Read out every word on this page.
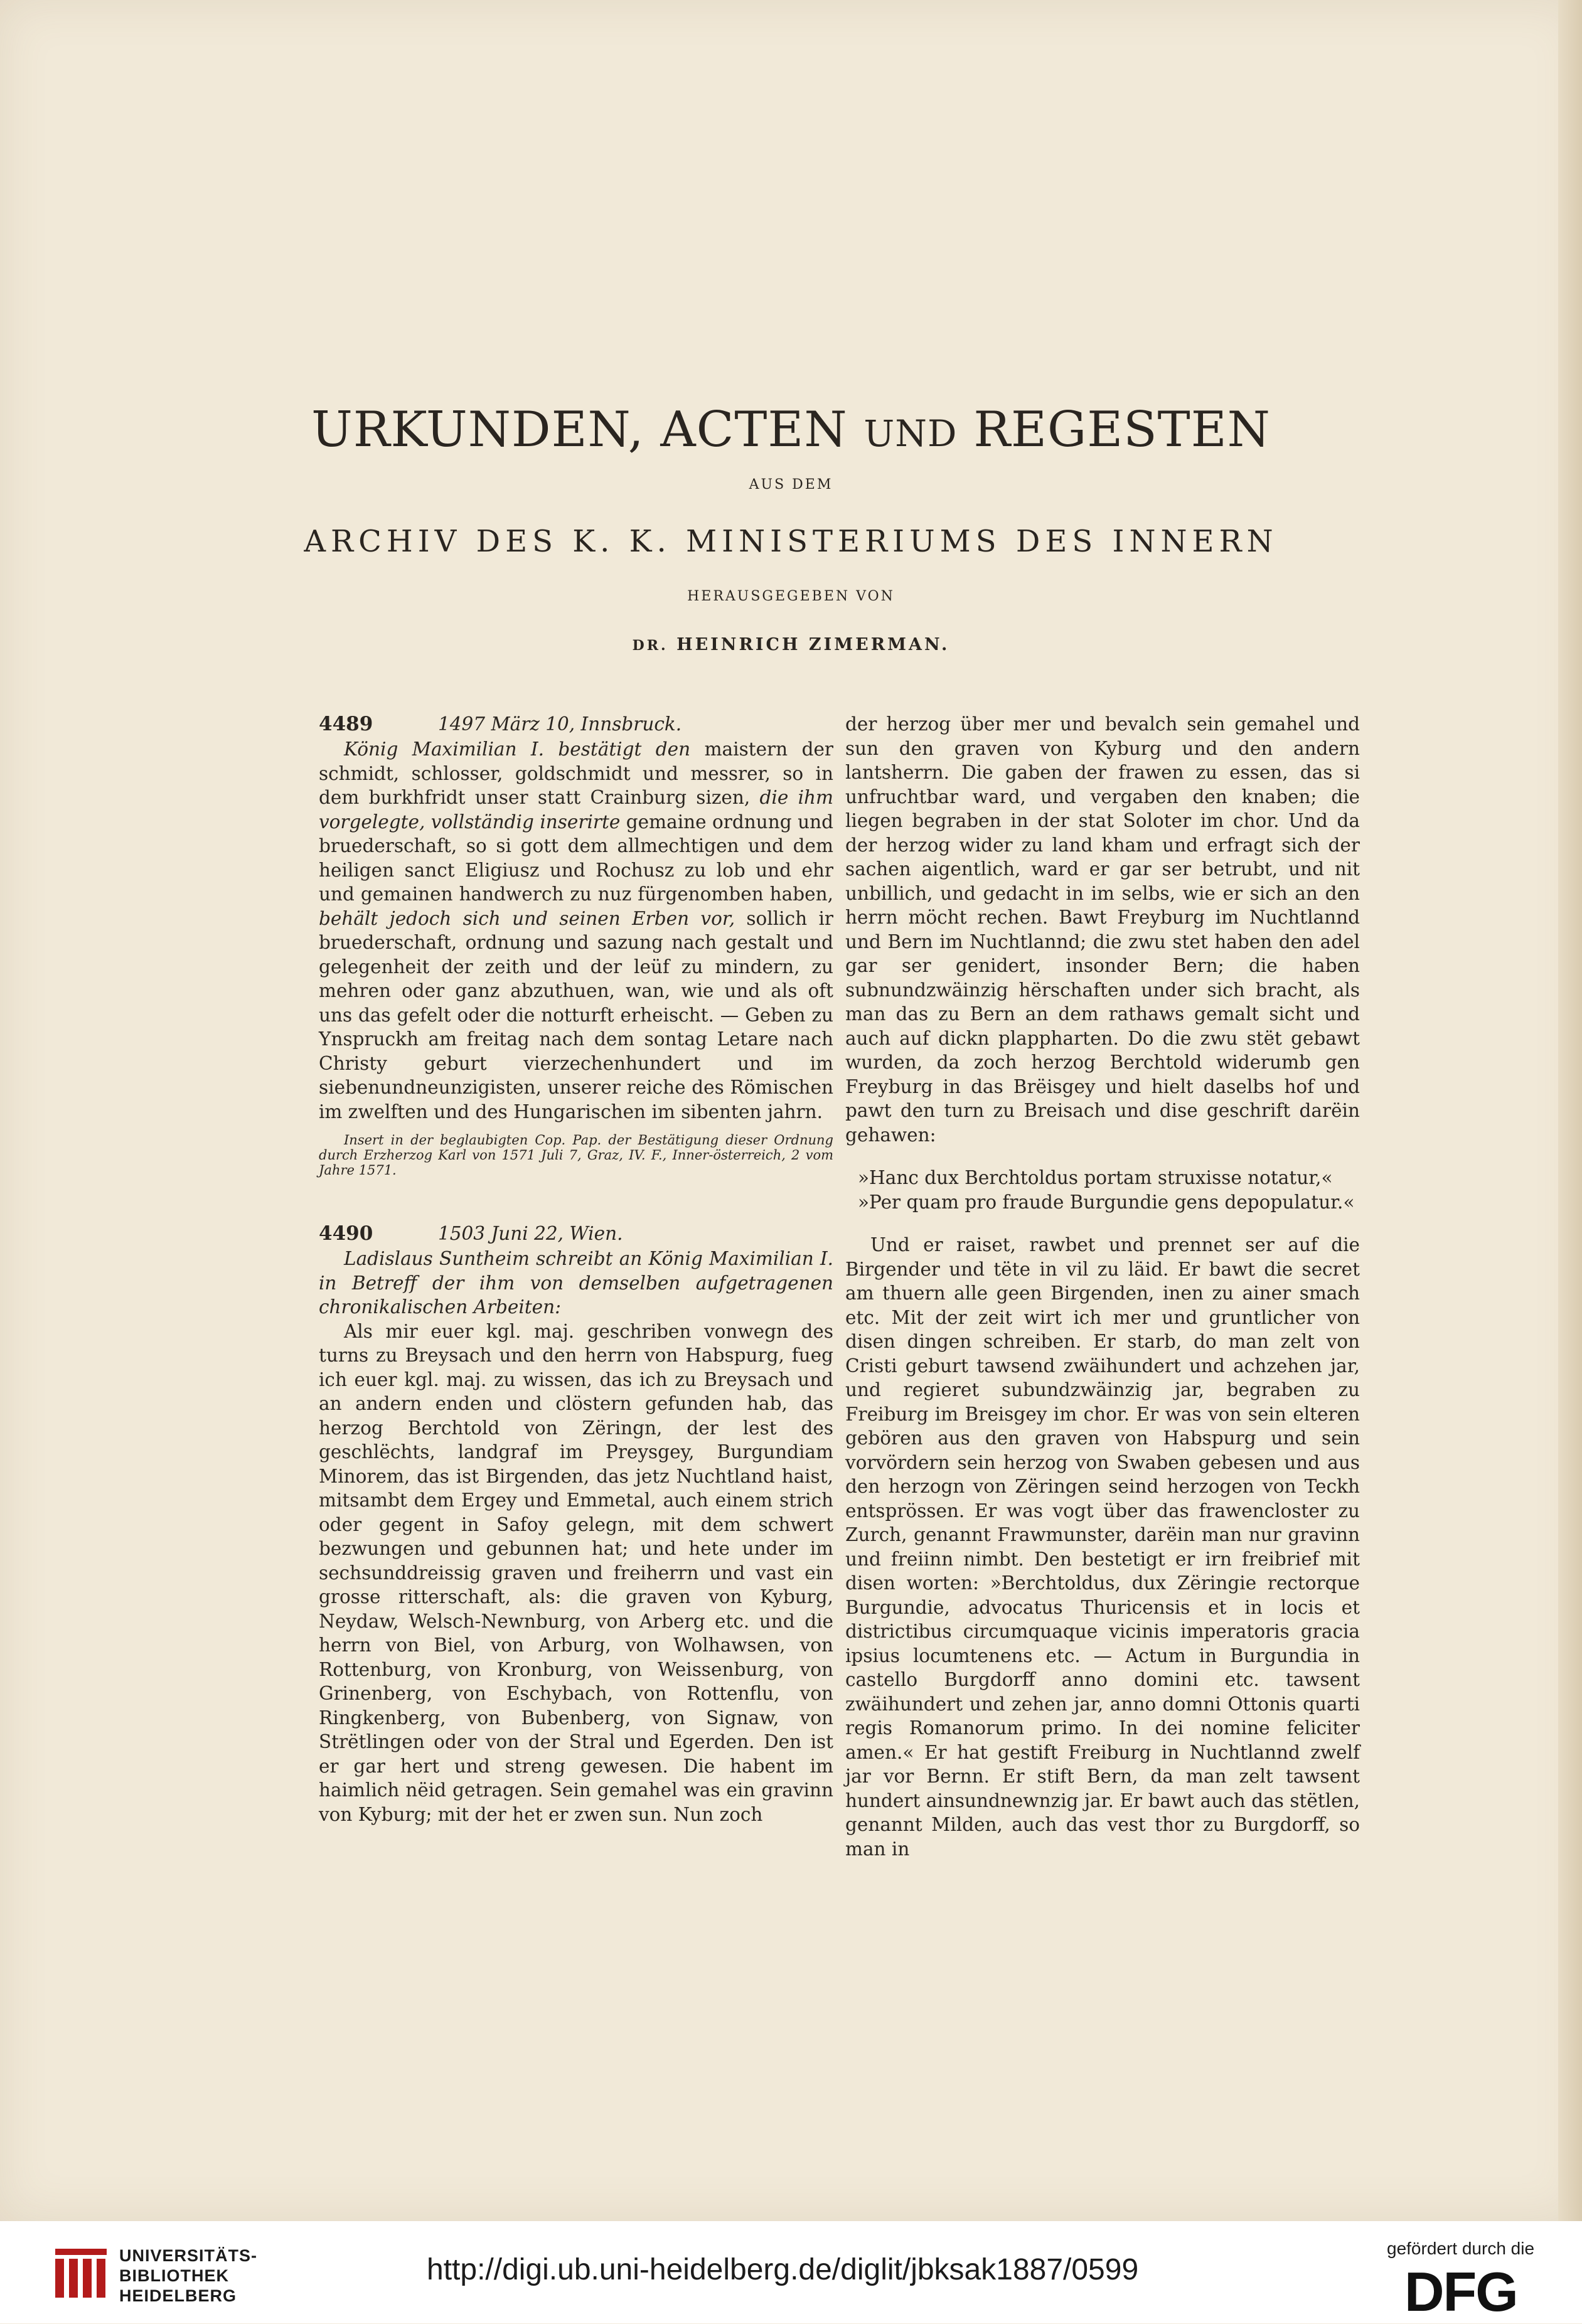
URKUNDEN, ACTEN UND REGESTEN
AUS DEM
ARCHIV DES K. K. MINISTERIUMS DES INNERN
HERAUSGEGEBEN VON
DR. HEINRICH ZIMERMAN.

4489	1497 März 10, Innsbruck.

König Maximilian I. bestätigt den maistern der schmidt, schlosser, goldschmidt und messrer, so in dem burkhfridt unser statt Crainburg sizen, die ihm vorgelegte, vollständig inserirte gemaine ordnung und bruederschaft, so si gott dem allmechtigen und dem heiligen sanct Eligiusz und Rochusz zu lob und ehr und gemainen handwerch zu nuz fürgenomben haben, behält jedoch sich und seinen Erben vor, sollich ir bruederschaft, ordnung und sazung nach gestalt und gelegenheit der zeith und der leüf zu mindern, zu mehren oder ganz abzuthuen, wan, wie und als oft uns das gefelt oder die notturft erheischt. — Geben zu Ynspruckh am freitag nach dem sontag Letare nach Christy geburt vierzechenhundert und im siebenundneunzigisten, unserer reiche des Römischen im zwelften und des Hungarischen im sibenten jahrn.

Insert in der beglaubigten Cop. Pap. der Bestätigung dieser Ordnung durch Erzherzog Karl von 1571 Juli 7, Graz, IV. F., Inner-österreich, 2 vom Jahre 1571.

4490	1503 Juni 22, Wien.

Ladislaus Suntheim schreibt an König Maximilian I. in Betreff der ihm von demselben aufgetragenen chronikalischen Arbeiten:

Als mir euer kgl. maj. geschriben vonwegn des turns zu Breysach und den herrn von Habspurg, fueg ich euer kgl. maj. zu wissen, das ich zu Breysach und an andern enden und clöstern gefunden hab, das herzog Berchtold von Zëringn, der lest des geschlëchts, landgraf im Preysgey, Burgundiam Minorem, das ist Birgenden, das jetz Nuchtland haist, mitsambt dem Ergey und Emmetal, auch einem strich oder gegent in Safoy gelegn, mit dem schwert bezwungen und gebunnen hat; und hete under im sechsunddreissig graven und freiherrn und vast ein grosse ritterschaft, als: die graven von Kyburg, Neydaw, Welsch-Newnburg, von Arberg etc. und die herrn von Biel, von Arburg, von Wolhawsen, von Rottenburg, von Kronburg, von Weissenburg, von Grinenberg, von Eschybach, von Rottenflu, von Ringkenberg, von Bubenberg, von Signaw, von Strëtlingen oder von der Stral und Egerden. Den ist er gar hert und streng gewesen. Die habent im haimlich nëid getragen. Sein gemahel was ein gravinn von Kyburg; mit der het er zwen sun. Nun zoch

der herzog über mer und bevalch sein gemahel und sun den graven von Kyburg und den andern lantsherrn. Die gaben der frawen zu essen, das si unfruchtbar ward, und vergaben den knaben; die liegen begraben in der stat Soloter im chor. Und da der herzog wider zu land kham und erfragt sich der sachen aigentlich, ward er gar ser betrubt, und nit unbillich, und gedacht in im selbs, wie er sich an den herrn möcht rechen. Bawt Freyburg im Nuchtlannd und Bern im Nuchtlannd; die zwu stet haben den adel gar ser genidert, insonder Bern; die haben subnundzwäinzig hërschaften under sich bracht, als man das zu Bern an dem rathaws gemalt sicht und auch auf dickn plappharten. Do die zwu stët gebawt wurden, da zoch herzog Berchtold widerumb gen Freyburg in das Brëisgey und hielt daselbs hof und pawt den turn zu Breisach und dise geschrift darëin gehawen:

»Hanc dux Berchtoldus portam struxisse notatur,«

»Per quam pro fraude Burgundie gens depopulatur.«

Und er raiset, rawbet und prennet ser auf die Birgender und tëte in vil zu läid. Er bawt die secret am thuern alle geen Birgenden, inen zu ainer smach etc. Mit der zeit wirt ich mer und gruntlicher von disen dingen schreiben. Er starb, do man zelt von Cristi geburt tawsend zwäihundert und achzehen jar, und regieret subundzwäinzig jar, begraben zu Freiburg im Breisgey im chor. Er was von sein elteren gebören aus den graven von Habspurg und sein vorvördern sein herzog von Swaben gebesen und aus den herzogn von Zëringen seind herzogen von Teckh entsprössen. Er was vogt über das frawencloster zu Zurch, genannt Frawmunster, darëin man nur gravinn und freiinn nimbt. Den bestetigt er irn freibrief mit disen worten: »Berchtoldus, dux Zëringie rectorque Burgundie, advocatus Thuricensis et in locis et districtibus circumquaque vicinis imperatoris gracia ipsius locumtenens etc. — Actum in Burgundia in castello Burgdorff anno domini etc. tawsent zwäihundert und zehen jar, anno domni Ottonis quarti regis Romanorum primo. In dei nomine feliciter amen.« Er hat gestift Freiburg in Nuchtlannd zwelf jar vor Bernn. Er stift Bern, da man zelt tawsent hundert ainsundnewnzig jar. Er bawt auch das stëtlen, genannt Milden, auch das vest thor zu Burgdorff, so man in

UNIVERSITÄTS-
BIBLIOTHEK
HEIDELBERG
http://digi.ub.uni-heidelberg.de/diglit/jbksak1887/0599
gefördert durch die
DFG
